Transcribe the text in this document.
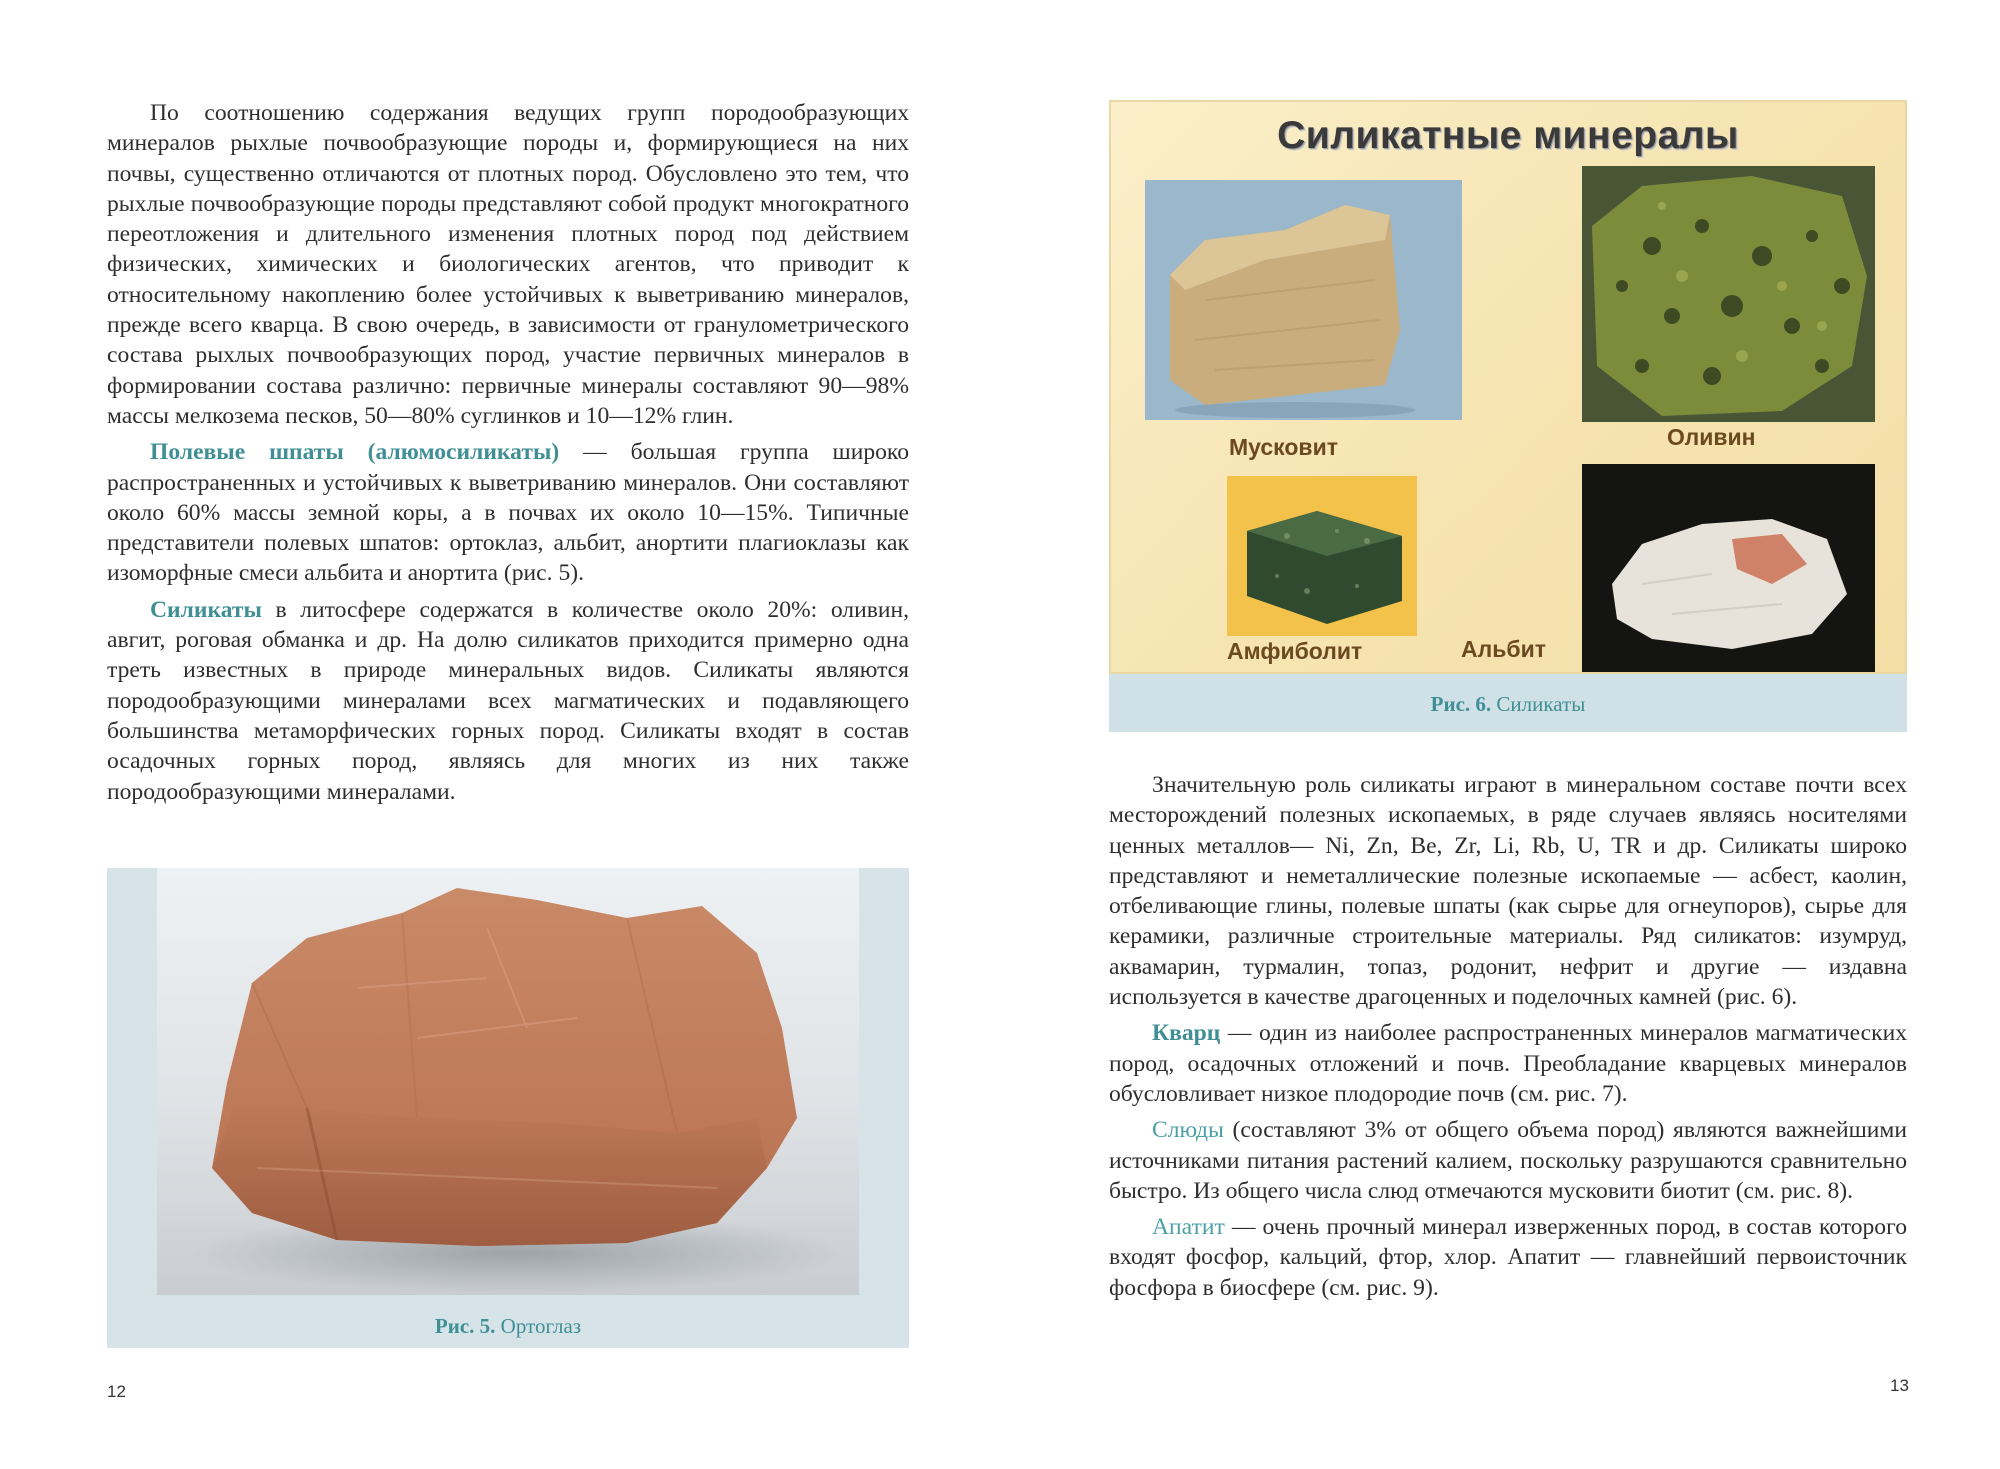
По соотношению содержания ведущих групп породообразующих минералов рыхлые почвообразующие породы и, формирующиеся на них почвы, существенно отличаются от плотных пород. Обусловлено это тем, что рыхлые почвообразующие породы представляют собой продукт многократного переотложения и длительного изменения плотных пород под действием физических, химических и биологических агентов, что приводит к относительному накоплению более устойчивых к выветриванию минералов, прежде всего кварца. В свою очередь, в зависимости от гранулометрического состава рыхлых почвообразующих пород, участие первичных минералов в формировании состава различно: первичные минералы составляют 90—98% массы мелкозема песков, 50—80% суглинков и 10—12% глин.

Полевые шпаты (алюмосиликаты) — большая группа широко распространенных и устойчивых к выветриванию минералов. Они составляют около 60% массы земной коры, а в почвах их около 10—15%. Типичные представители полевых шпатов: ортоклаз, альбит, анортити плагиоклазы как изоморфные смеси альбита и анортита (рис. 5).

Силикаты в литосфере содержатся в количестве около 20%: оливин, авгит, роговая обманка и др. На долю силикатов приходится примерно одна треть известных в природе минеральных видов. Силикаты являются породообразующими минералами всех магматических и подавляющего большинства метаморфических горных пород. Силикаты входят в состав осадочных горных пород, являясь для многих из них также породообразующими минералами.

Рис. 5. Ортоглаз
12
Силикатные минералы
Мусковит	Оливин
Амфиболит	Альбит
Рис. 6. Силикаты

Значительную роль силикаты играют в минеральном составе почти всех месторождений полезных ископаемых, в ряде случаев являясь носителями ценных металлов— Ni, Zn, Be, Zr, Li, Rb, U, TR и др. Силикаты широко представляют и неметаллические полезные ископаемые — асбест, каолин, отбеливающие глины, полевые шпаты (как сырье для огнеупоров), сырье для керамики, различные строительные материалы. Ряд силикатов: изумруд, аквамарин, турмалин, топаз, родонит, нефрит и другие — издавна используется в качестве драгоценных и поделочных камней (рис. 6).

Кварц — один из наиболее распространенных минералов магматических пород, осадочных отложений и почв. Преобладание кварцевых минералов обусловливает низкое плодородие почв (см. рис. 7).

Слюды (составляют 3% от общего объема пород) являются важнейшими источниками питания растений калием, поскольку разрушаются сравнительно быстро. Из общего числа слюд отмечаются мусковити биотит (см. рис. 8).

Апатит — очень прочный минерал изверженных пород, в состав которого входят фосфор, кальций, фтор, хлор. Апатит — главнейший первоисточник фосфора в биосфере (см. рис. 9).

13
